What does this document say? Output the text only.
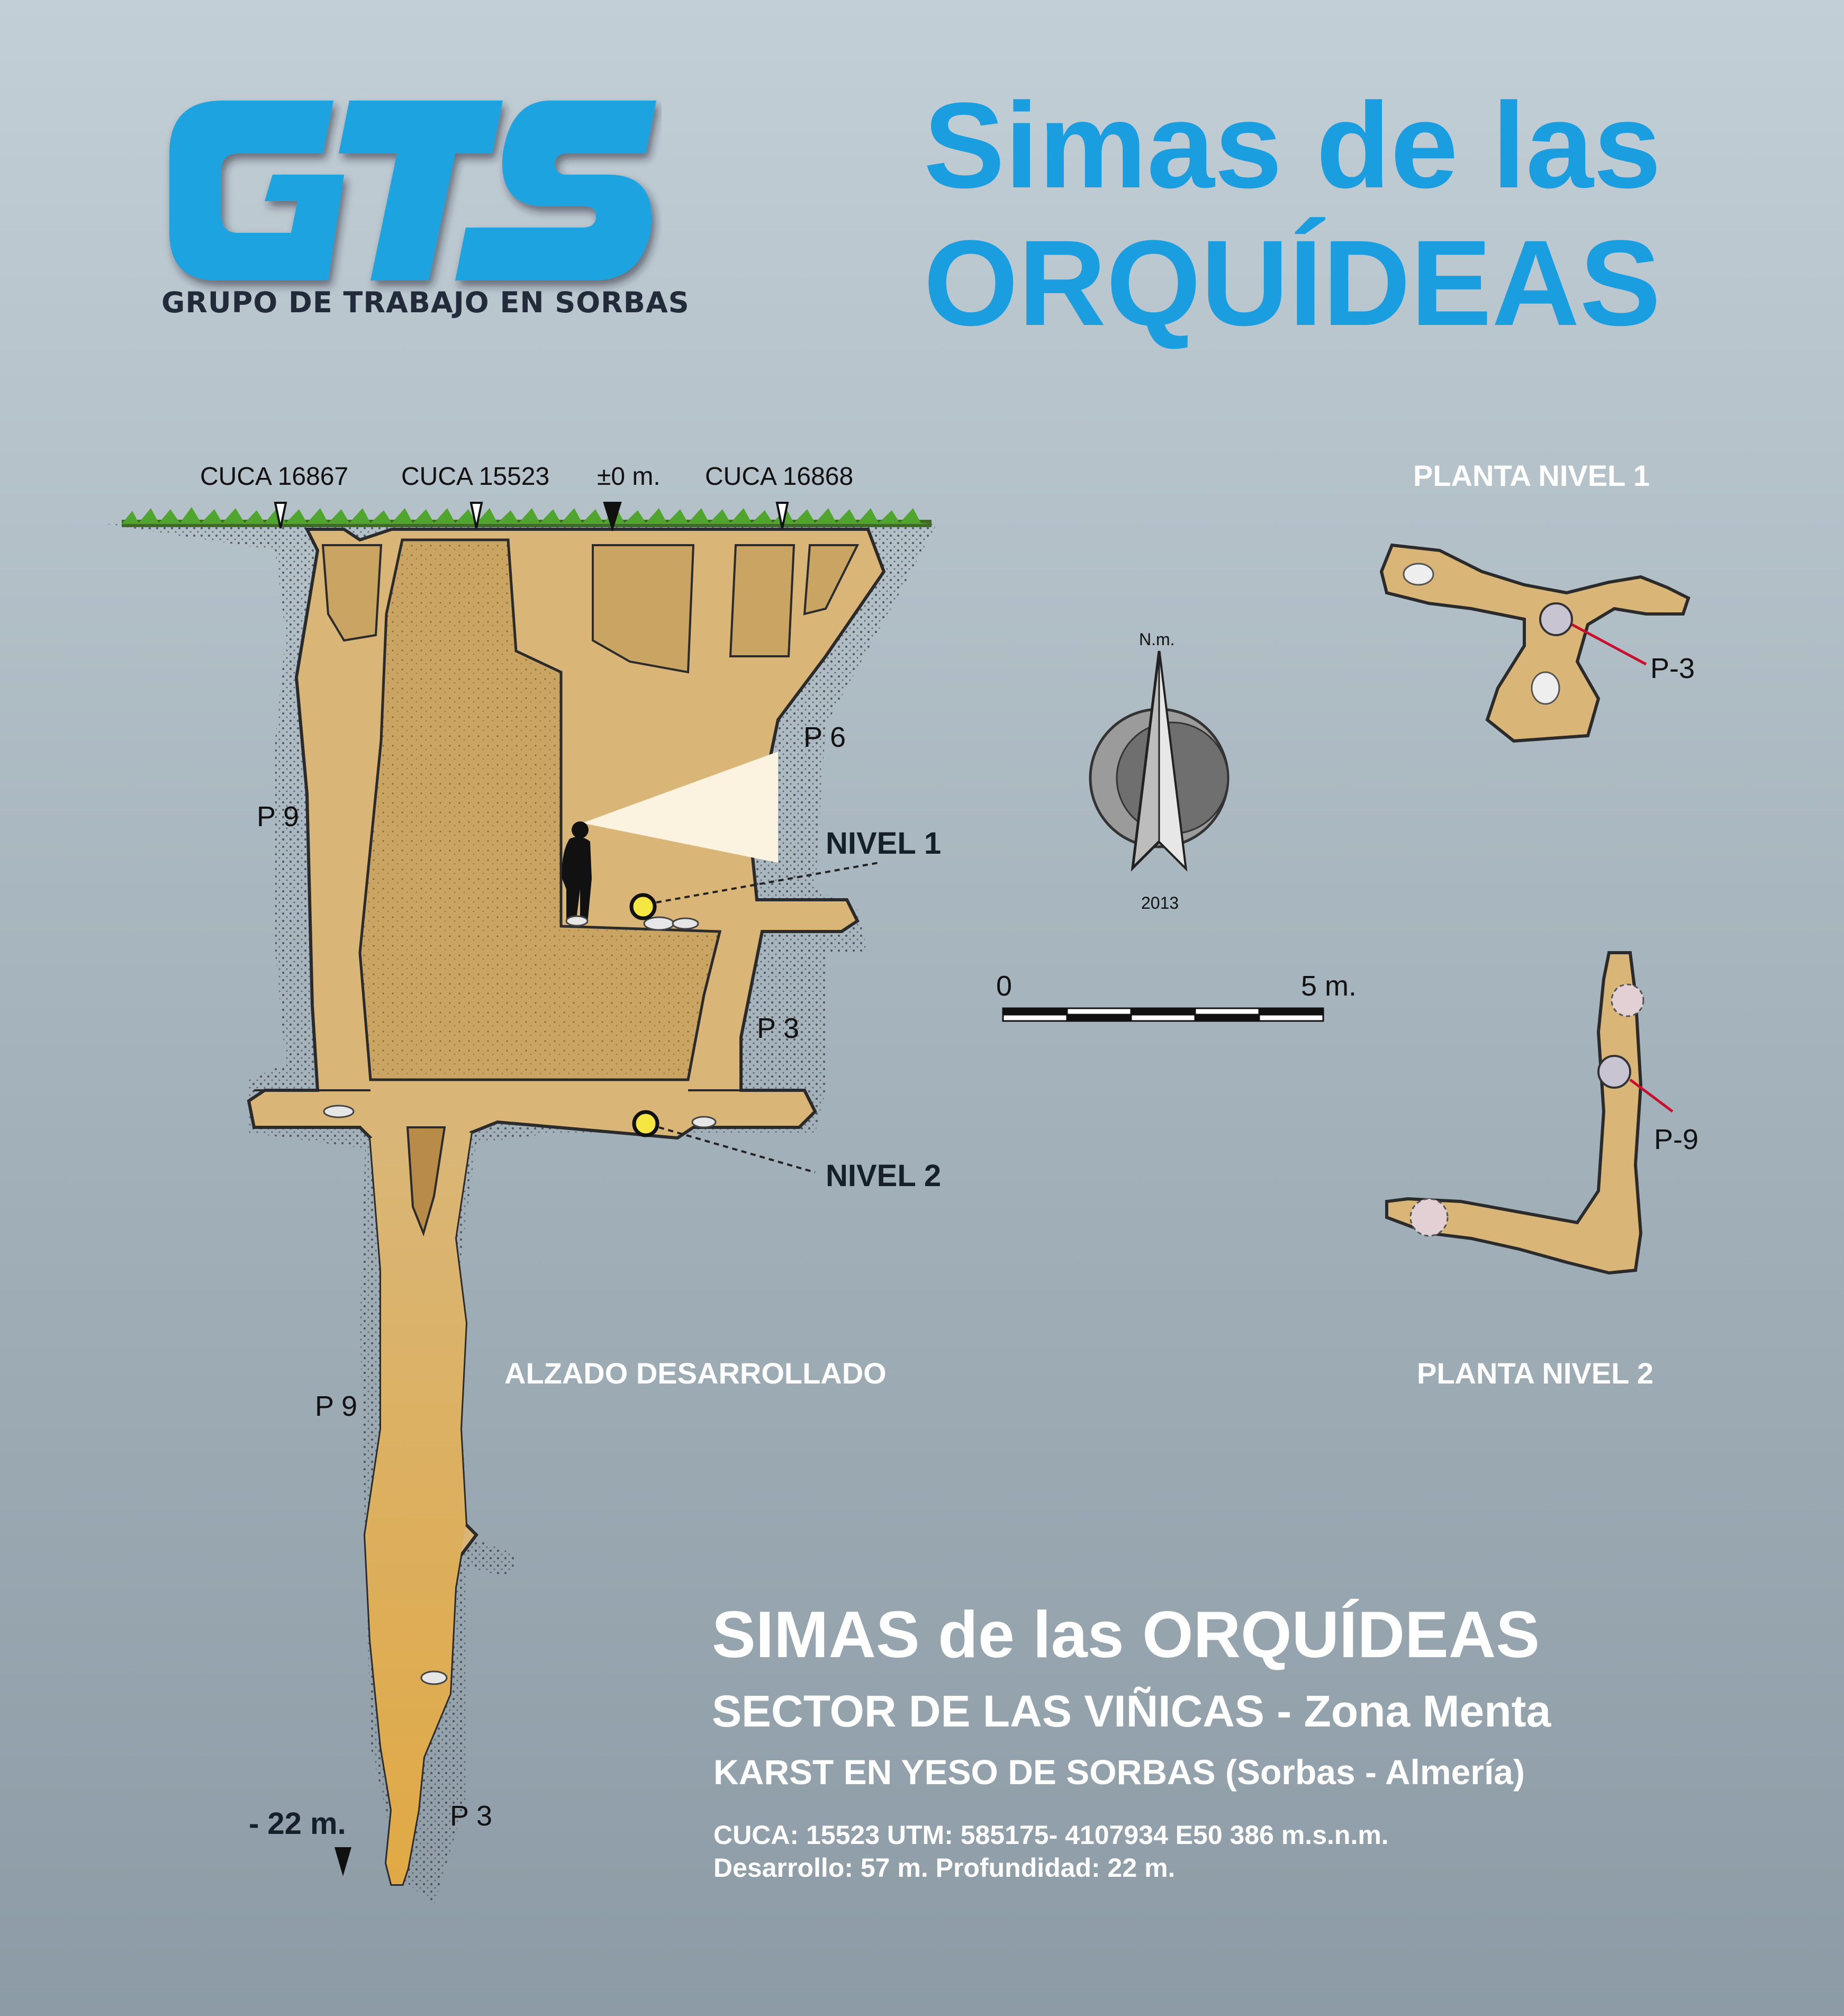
GRUPO DE TRABAJO EN SORBAS
Simas de las
ORQUÍDEAS
CUCA 16867 CUCA 15523 ±0 m. CUCA 16868
P 9
P 6
P 3
P 9
P 3
NIVEL 1
NIVEL 2
- 22 m.
ALZADO DESARROLLADO
N.m.
2013
0	5 m.
PLANTA NIVEL 1
P-3
PLANTA NIVEL 2
P-9
SIMAS de las ORQUÍDEAS
SECTOR DE LAS VIÑICAS - Zona Menta
KARST EN YESO DE SORBAS (Sorbas - Almería)
CUCA: 15523 UTM: 585175- 4107934 E50 386 m.s.n.m.
Desarrollo: 57 m. Profundidad: 22 m.
